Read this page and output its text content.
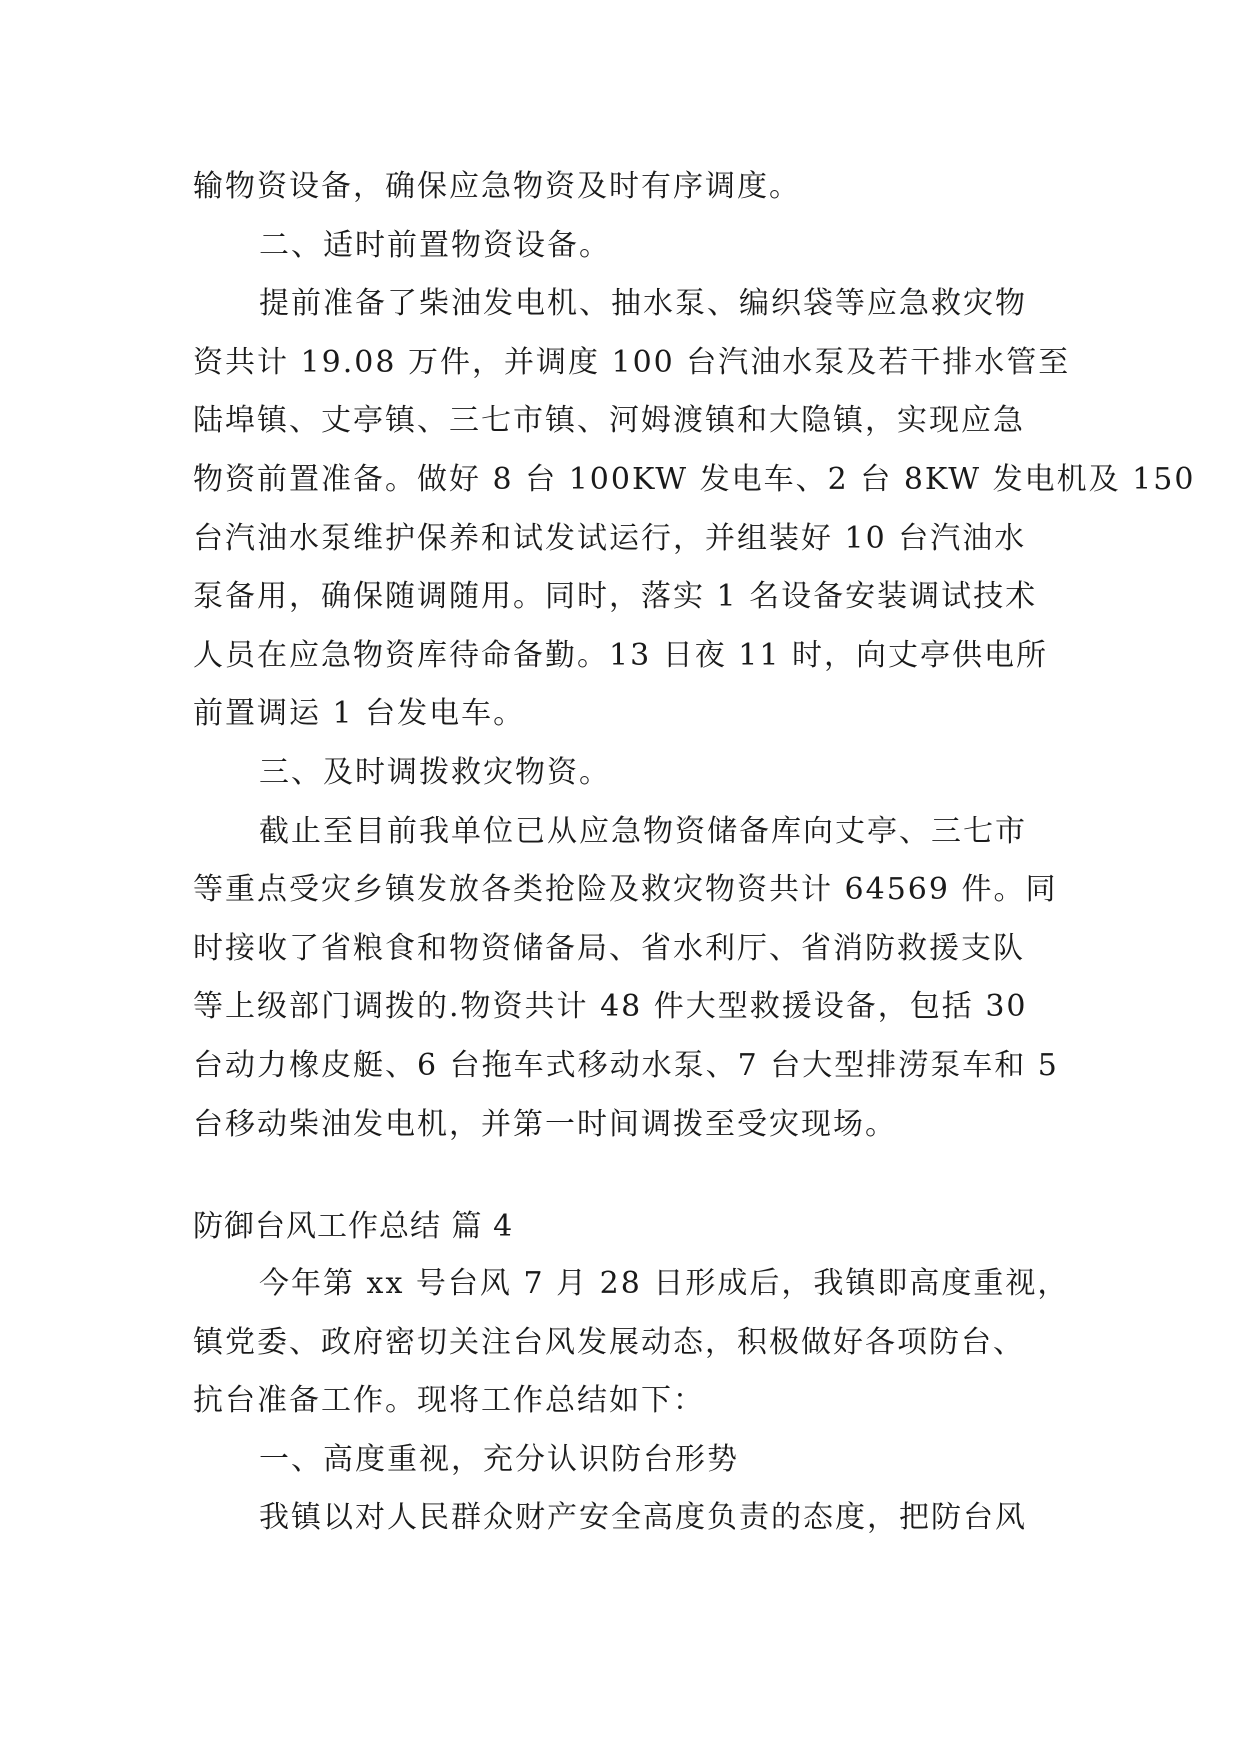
输物资设备，确保应急物资及时有序调度。
二、适时前置物资设备。
提前准备了柴油发电机、抽水泵、编织袋等应急救灾物
资共计 19.08 万件，并调度 100 台汽油水泵及若干排水管至
陆埠镇、丈亭镇、三七市镇、河姆渡镇和大隐镇，实现应急
物资前置准备。做好 8 台 100KW 发电车、2 台 8KW 发电机及 150
台汽油水泵维护保养和试发试运行，并组装好 10 台汽油水
泵备用，确保随调随用。同时，落实 1 名设备安装调试技术
人员在应急物资库待命备勤。13 日夜 11 时，向丈亭供电所
前置调运 1 台发电车。
三、及时调拨救灾物资。
截止至目前我单位已从应急物资储备库向丈亭、三七市
等重点受灾乡镇发放各类抢险及救灾物资共计 64569 件。同
时接收了省粮食和物资储备局、省水利厅、省消防救援支队
等上级部门调拨的.物资共计 48 件大型救援设备，包括 30
台动力橡皮艇、6 台拖车式移动水泵、7 台大型排涝泵车和 5
台移动柴油发电机，并第一时间调拨至受灾现场。
防御台风工作总结 篇 4
今年第 xx 号台风 7 月 28 日形成后，我镇即高度重视，
镇党委、政府密切关注台风发展动态，积极做好各项防台、
抗台准备工作。现将工作总结如下：
一、高度重视，充分认识防台形势
我镇以对人民群众财产安全高度负责的态度，把防台风
